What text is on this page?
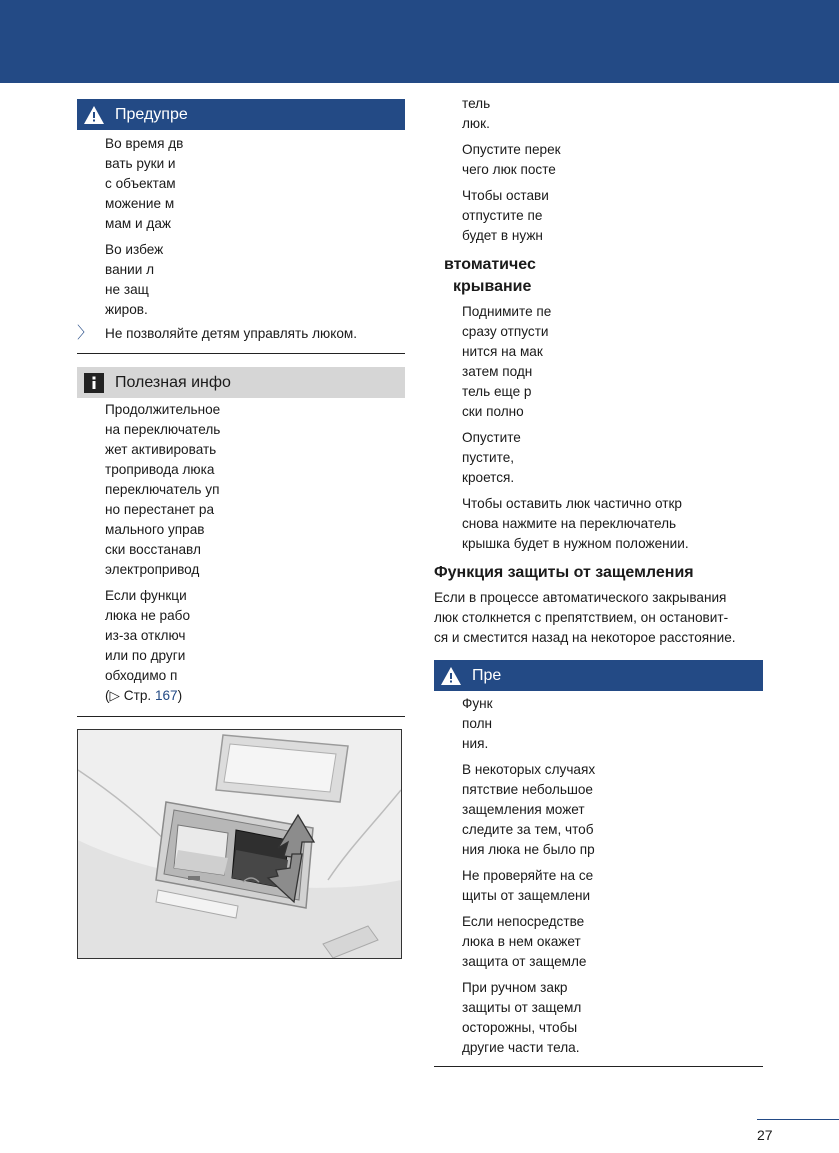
Предупре

Во время дв

вать руки и

с объектам

можение м

мам и даж

Во избеж

вании л

не защ

жиров.

〉 Не позволяйте детям управлять люком.
Полезная инфо

Продолжительное

на переключатель

жет активировать

тропривода люка

переключатель уп

но перестанет ра

мального управ

ски восстанавл

электропривод

Если функци

люка не рабо

из-за отключ

или по други

обходимо п

(▷ Стр. 167)

тель

люк.

Опустите перек

чего люк посте

Чтобы остави

отпустите пе

будет в нужн

втоматичес
крывание

Поднимите пе

сразу отпусти

нится на мак

затем подн

тель еще р

ски полно

Опустите

пустите,

кроется.

Чтобы оставить люк частично откр

снова нажмите на переключатель

крышка будет в нужном положении.

Функция защиты от защемления

Если в процессе автоматического закрывания

люк столкнется с препятствием, он остановит-

ся и сместится назад на некоторое расстояние.

Пре

Функ

полн

ния.

В некоторых случаях

пятствие небольшое

защемления может

следите за тем, чтоб

ния люка не было пр

Не проверяйте на се

щиты от защемлени

Если непосредстве

люка в нем окажет

защита от защемле

При ручном закр

защиты от защемл

осторожны, чтобы

другие части тела.

27
